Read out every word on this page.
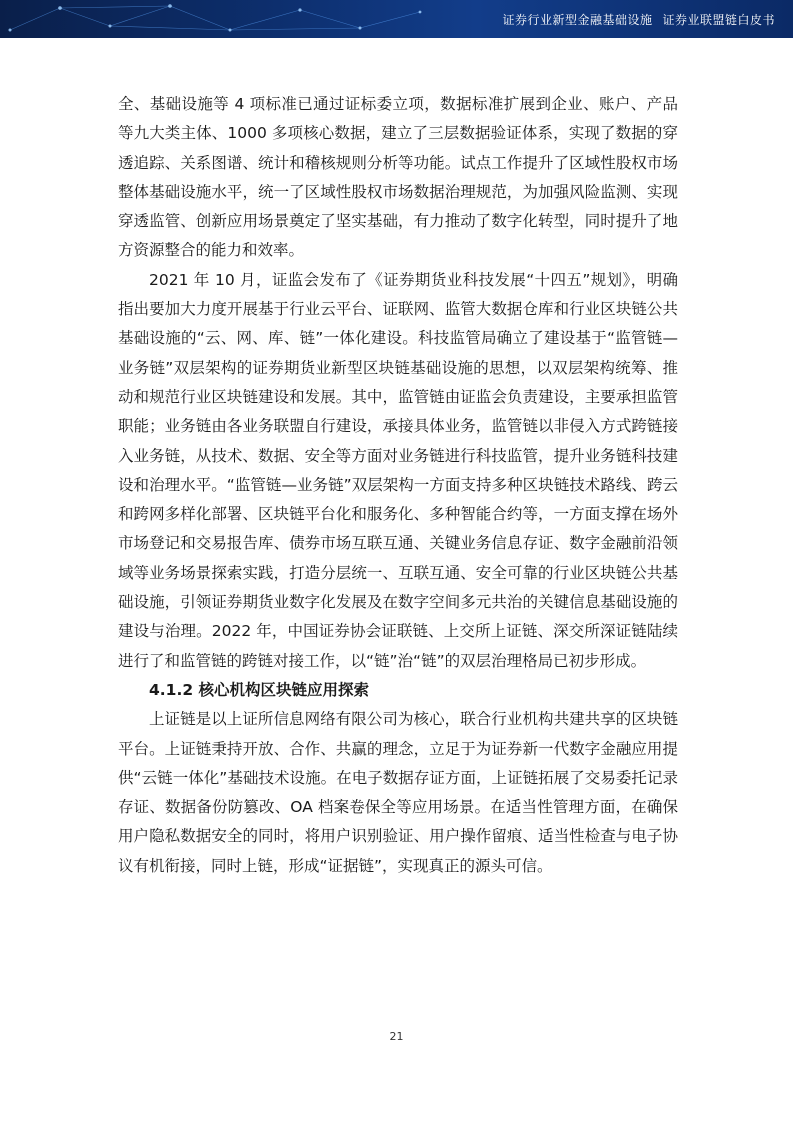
证券行业新型金融基础设施 证券业联盟链白皮书

全、基础设施等 4 项标准已通过证标委立项，数据标准扩展到企业、账户、产品等九大类主体、1000 多项核心数据，建立了三层数据验证体系，实现了数据的穿透追踪、关系图谱、统计和稽核规则分析等功能。试点工作提升了区域性股权市场整体基础设施水平，统一了区域性股权市场数据治理规范，为加强风险监测、实现穿透监管、创新应用场景奠定了坚实基础，有力推动了数字化转型，同时提升了地方资源整合的能力和效率。

2021 年 10 月，证监会发布了《证券期货业科技发展“十四五”规划》，明确指出要加大力度开展基于行业云平台、证联网、监管大数据仓库和行业区块链公共基础设施的“云、网、库、链”一体化建设。科技监管局确立了建设基于“监管链—业务链”双层架构的证券期货业新型区块链基础设施的思想，以双层架构统筹、推动和规范行业区块链建设和发展。其中，监管链由证监会负责建设，主要承担监管职能；业务链由各业务联盟自行建设，承接具体业务，监管链以非侵入方式跨链接入业务链，从技术、数据、安全等方面对业务链进行科技监管，提升业务链科技建设和治理水平。“监管链—业务链”双层架构一方面支持多种区块链技术路线、跨云和跨网多样化部署、区块链平台化和服务化、多种智能合约等，一方面支撑在场外市场登记和交易报告库、债券市场互联互通、关键业务信息存证、数字金融前沿领域等业务场景探索实践，打造分层统一、互联互通、安全可靠的行业区块链公共基础设施，引领证券期货业数字化发展及在数字空间多元共治的关键信息基础设施的建设与治理。2022 年，中国证券协会证联链、上交所上证链、深交所深证链陆续进行了和监管链的跨链对接工作，以“链”治“链”的双层治理格局已初步形成。

4.1.2 核心机构区块链应用探索

上证链是以上证所信息网络有限公司为核心，联合行业机构共建共享的区块链平台。上证链秉持开放、合作、共赢的理念，立足于为证券新一代数字金融应用提供“云链一体化”基础技术设施。在电子数据存证方面，上证链拓展了交易委托记录存证、数据备份防篡改、OA 档案卷保全等应用场景。在适当性管理方面，在确保用户隐私数据安全的同时，将用户识别验证、用户操作留痕、适当性检查与电子协议有机衔接，同时上链，形成“证据链”，实现真正的源头可信。

21
